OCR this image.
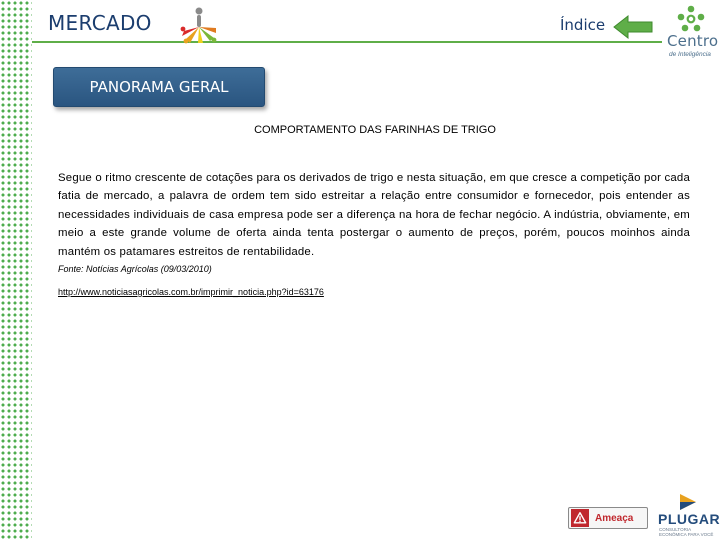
MERCADO	Índice
Centro
de Inteligência
PANORAMA GERAL
COMPORTAMENTO DAS FARINHAS DE TRIGO

Segue o ritmo crescente de cotações para os derivados de trigo e nesta situação, em que cresce a competição por cada fatia de mercado, a palavra de ordem tem sido estreitar a relação entre consumidor e fornecedor, pois entender as necessidades individuais de casa empresa pode ser a diferença na hora de fechar negócio. A indústria, obviamente, em meio a este grande volume de oferta ainda tenta postergar o aumento de preços, porém, poucos moinhos ainda mantém os patamares estreitos de rentabilidade.

Fonte: Notícias Agrícolas (09/03/2010)

http://www.noticiasagricolas.com.br/imprimir_noticia.php?id=63176
Ameaça PLUGAR
CONSULTORIA ECONÔMICA PARA VOCÊ
